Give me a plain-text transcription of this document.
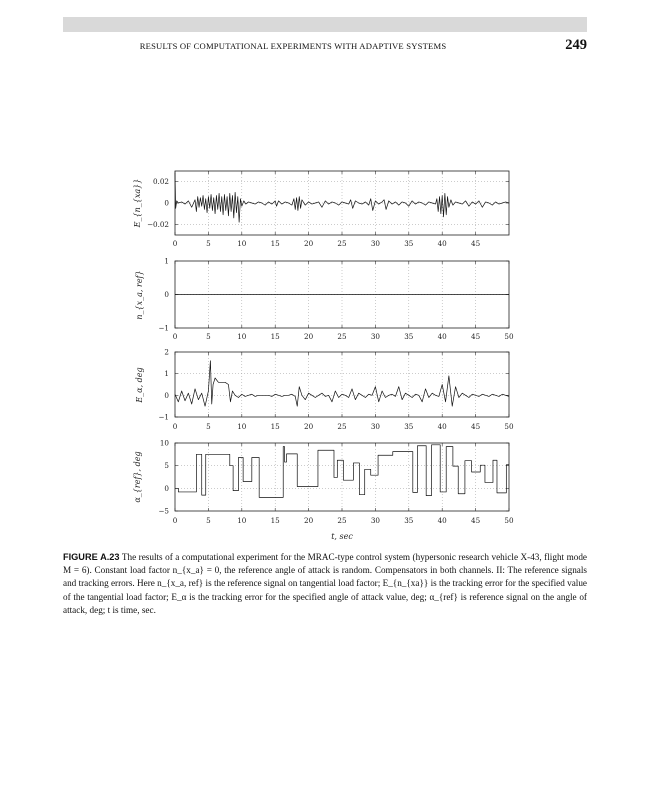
RESULTS OF COMPUTATIONAL EXPERIMENTS WITH ADAPTIVE SYSTEMS	249
0	5	10	15	20	25	30	35	40	45
0.02
0
−0.02
E_{n_{xa}}
0	5	10	15	20	25	30	35	40	45	50
1
0
−1
n_{x_a, ref}
0	5	10	15	20	25	30	35	40	45	50
2
1
0
−1
E_α, deg
0	5	10	15	20	25	30	35	40	45	50
10
5
0
−5
α_{ref}, deg
t, sec
FIGURE A.23 The results of a computational experiment for the MRAC-type control system (hypersonic research vehicle X-43, flight mode M = 6). Constant load factor n_{x_a} = 0, the reference angle of attack is random. Compensators in both channels. II: The reference signals and tracking errors. Here n_{x_a, ref} is the reference signal on tangential load factor; E_{n_{xa}} is the tracking error for the specified value of the tangential load factor; E_α is the tracking error for the specified angle of attack value, deg; α_{ref} is reference signal on the angle of attack, deg; t is time, sec.
